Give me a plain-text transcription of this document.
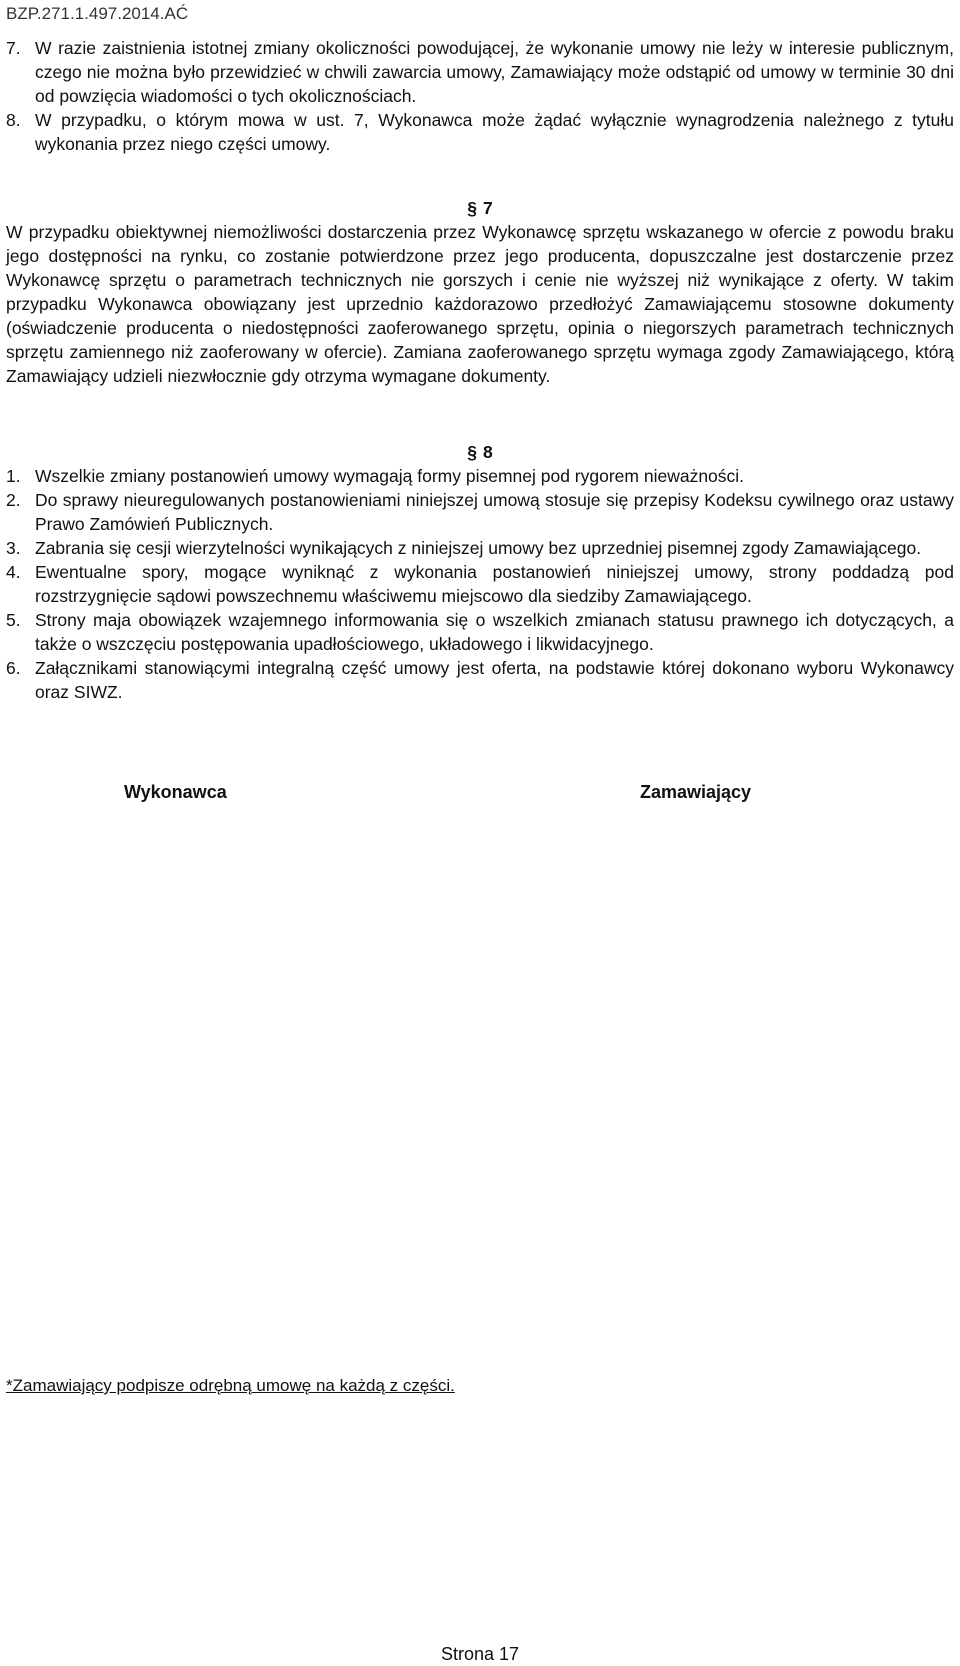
BZP.271.1.497.2014.AĆ
7. W razie zaistnienia istotnej zmiany okoliczności powodującej, że wykonanie umowy nie leży w interesie publicznym, czego nie można było przewidzieć w chwili zawarcia umowy, Zamawiający może odstąpić od umowy w terminie 30 dni od powzięcia wiadomości o tych okolicznościach.
8. W przypadku, o którym mowa w ust. 7, Wykonawca może żądać wyłącznie wynagrodzenia należnego z tytułu wykonania przez niego części umowy.

§ 7

W przypadku obiektywnej niemożliwości dostarczenia przez Wykonawcę sprzętu wskazanego w ofercie z powodu braku jego dostępności na rynku, co zostanie potwierdzone przez jego producenta, dopuszczalne jest dostarczenie przez Wykonawcę sprzętu o parametrach technicznych nie gorszych i cenie nie wyższej niż wynikające z oferty. W takim przypadku Wykonawca obowiązany jest uprzednio każdorazowo przedłożyć Zamawiającemu stosowne dokumenty (oświadczenie producenta o niedostępności zaoferowanego sprzętu, opinia o niegorszych parametrach technicznych sprzętu zamiennego niż zaoferowany w ofercie). Zamiana zaoferowanego sprzętu wymaga zgody Zamawiającego, którą Zamawiający udzieli niezwłocznie gdy otrzyma wymagane dokumenty.

§ 8

1. Wszelkie zmiany postanowień umowy wymagają formy pisemnej pod rygorem nieważności.
2. Do sprawy nieuregulowanych postanowieniami niniejszej umową stosuje się przepisy Kodeksu cywilnego oraz ustawy Prawo Zamówień Publicznych.
3. Zabrania się cesji wierzytelności wynikających z niniejszej umowy bez uprzedniej pisemnej zgody Zamawiającego.
4. Ewentualne spory, mogące wyniknąć z wykonania postanowień niniejszej umowy, strony poddadzą pod rozstrzygnięcie sądowi powszechnemu właściwemu miejscowo dla siedziby Zamawiającego.
5. Strony maja obowiązek wzajemnego informowania się o wszelkich zmianach statusu prawnego ich dotyczących, a także o wszczęciu postępowania upadłościowego, układowego i likwidacyjnego.
6. Załącznikami stanowiącymi integralną część umowy jest oferta, na podstawie której dokonano wyboru Wykonawcy oraz SIWZ.
Wykonawca	Zamawiający
*Zamawiający podpisze odrębną umowę na każdą z części.
Strona 17
